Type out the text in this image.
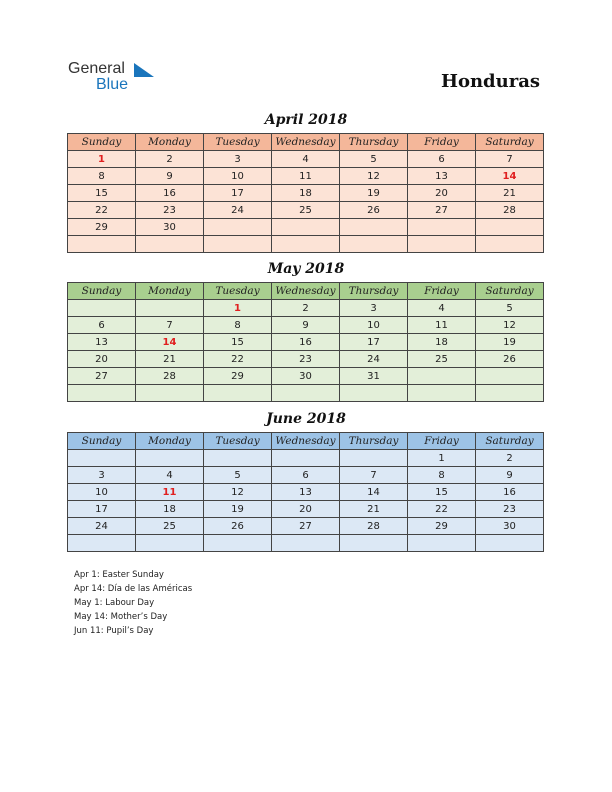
General
Blue	Honduras
April 2018
Sunday	Monday	Tuesday	Wednesday	Thursday	Friday	Saturday
1	2	3	4	5	6	7
8	9	10	11	12	13	14
15	16	17	18	19	20	21
22	23	24	25	26	27	28
29	30					

May 2018
Sunday	Monday	Tuesday	Wednesday	Thursday	Friday	Saturday
		1	2	3	4	5
6	7	8	9	10	11	12
13	14	15	16	17	18	19
20	21	22	23	24	25	26
27	28	29	30	31		

June 2018
Sunday	Monday	Tuesday	Wednesday	Thursday	Friday	Saturday
					1	2
3	4	5	6	7	8	9
10	11	12	13	14	15	16
17	18	19	20	21	22	23
24	25	26	27	28	29	30

Apr 1: Easter Sunday
Apr 14: Día de las Américas
May 1: Labour Day
May 14: Mother’s Day
Jun 11: Pupil’s Day
